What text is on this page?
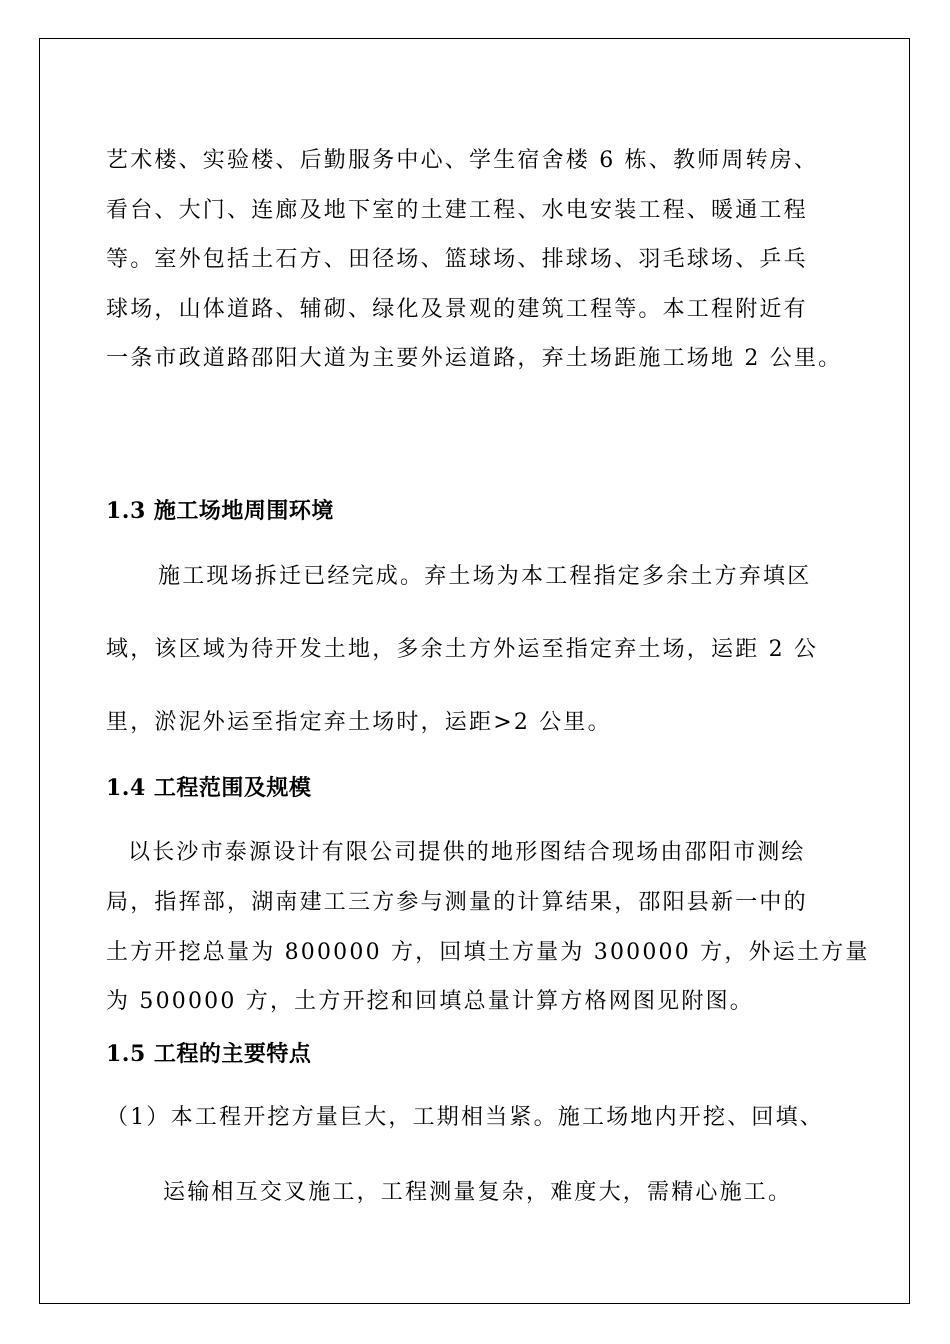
艺术楼、实验楼、后勤服务中心、学生宿舍楼 6 栋、教师周转房、
看台、大门、连廊及地下室的土建工程、水电安装工程、暖通工程
等。室外包括土石方、田径场、篮球场、排球场、羽毛球场、乒乓
球场，山体道路、辅砌、绿化及景观的建筑工程等。本工程附近有
一条市政道路邵阳大道为主要外运道路，弃土场距施工场地 2 公里。
1.3 施工场地周围环境
施工现场拆迁已经完成。弃土场为本工程指定多余土方弃填区
域，该区域为待开发土地，多余土方外运至指定弃土场，运距 2 公
里，淤泥外运至指定弃土场时，运距>2 公里。
1.4 工程范围及规模
以长沙市泰源设计有限公司提供的地形图结合现场由邵阳市测绘
局，指挥部，湖南建工三方参与测量的计算结果，邵阳县新一中的
土方开挖总量为 800000 方，回填土方量为 300000 方，外运土方量
为 500000 方，土方开挖和回填总量计算方格网图见附图。
1.5 工程的主要特点
（1）本工程开挖方量巨大，工期相当紧。施工场地内开挖、回填、
运输相互交叉施工，工程测量复杂，难度大，需精心施工。
